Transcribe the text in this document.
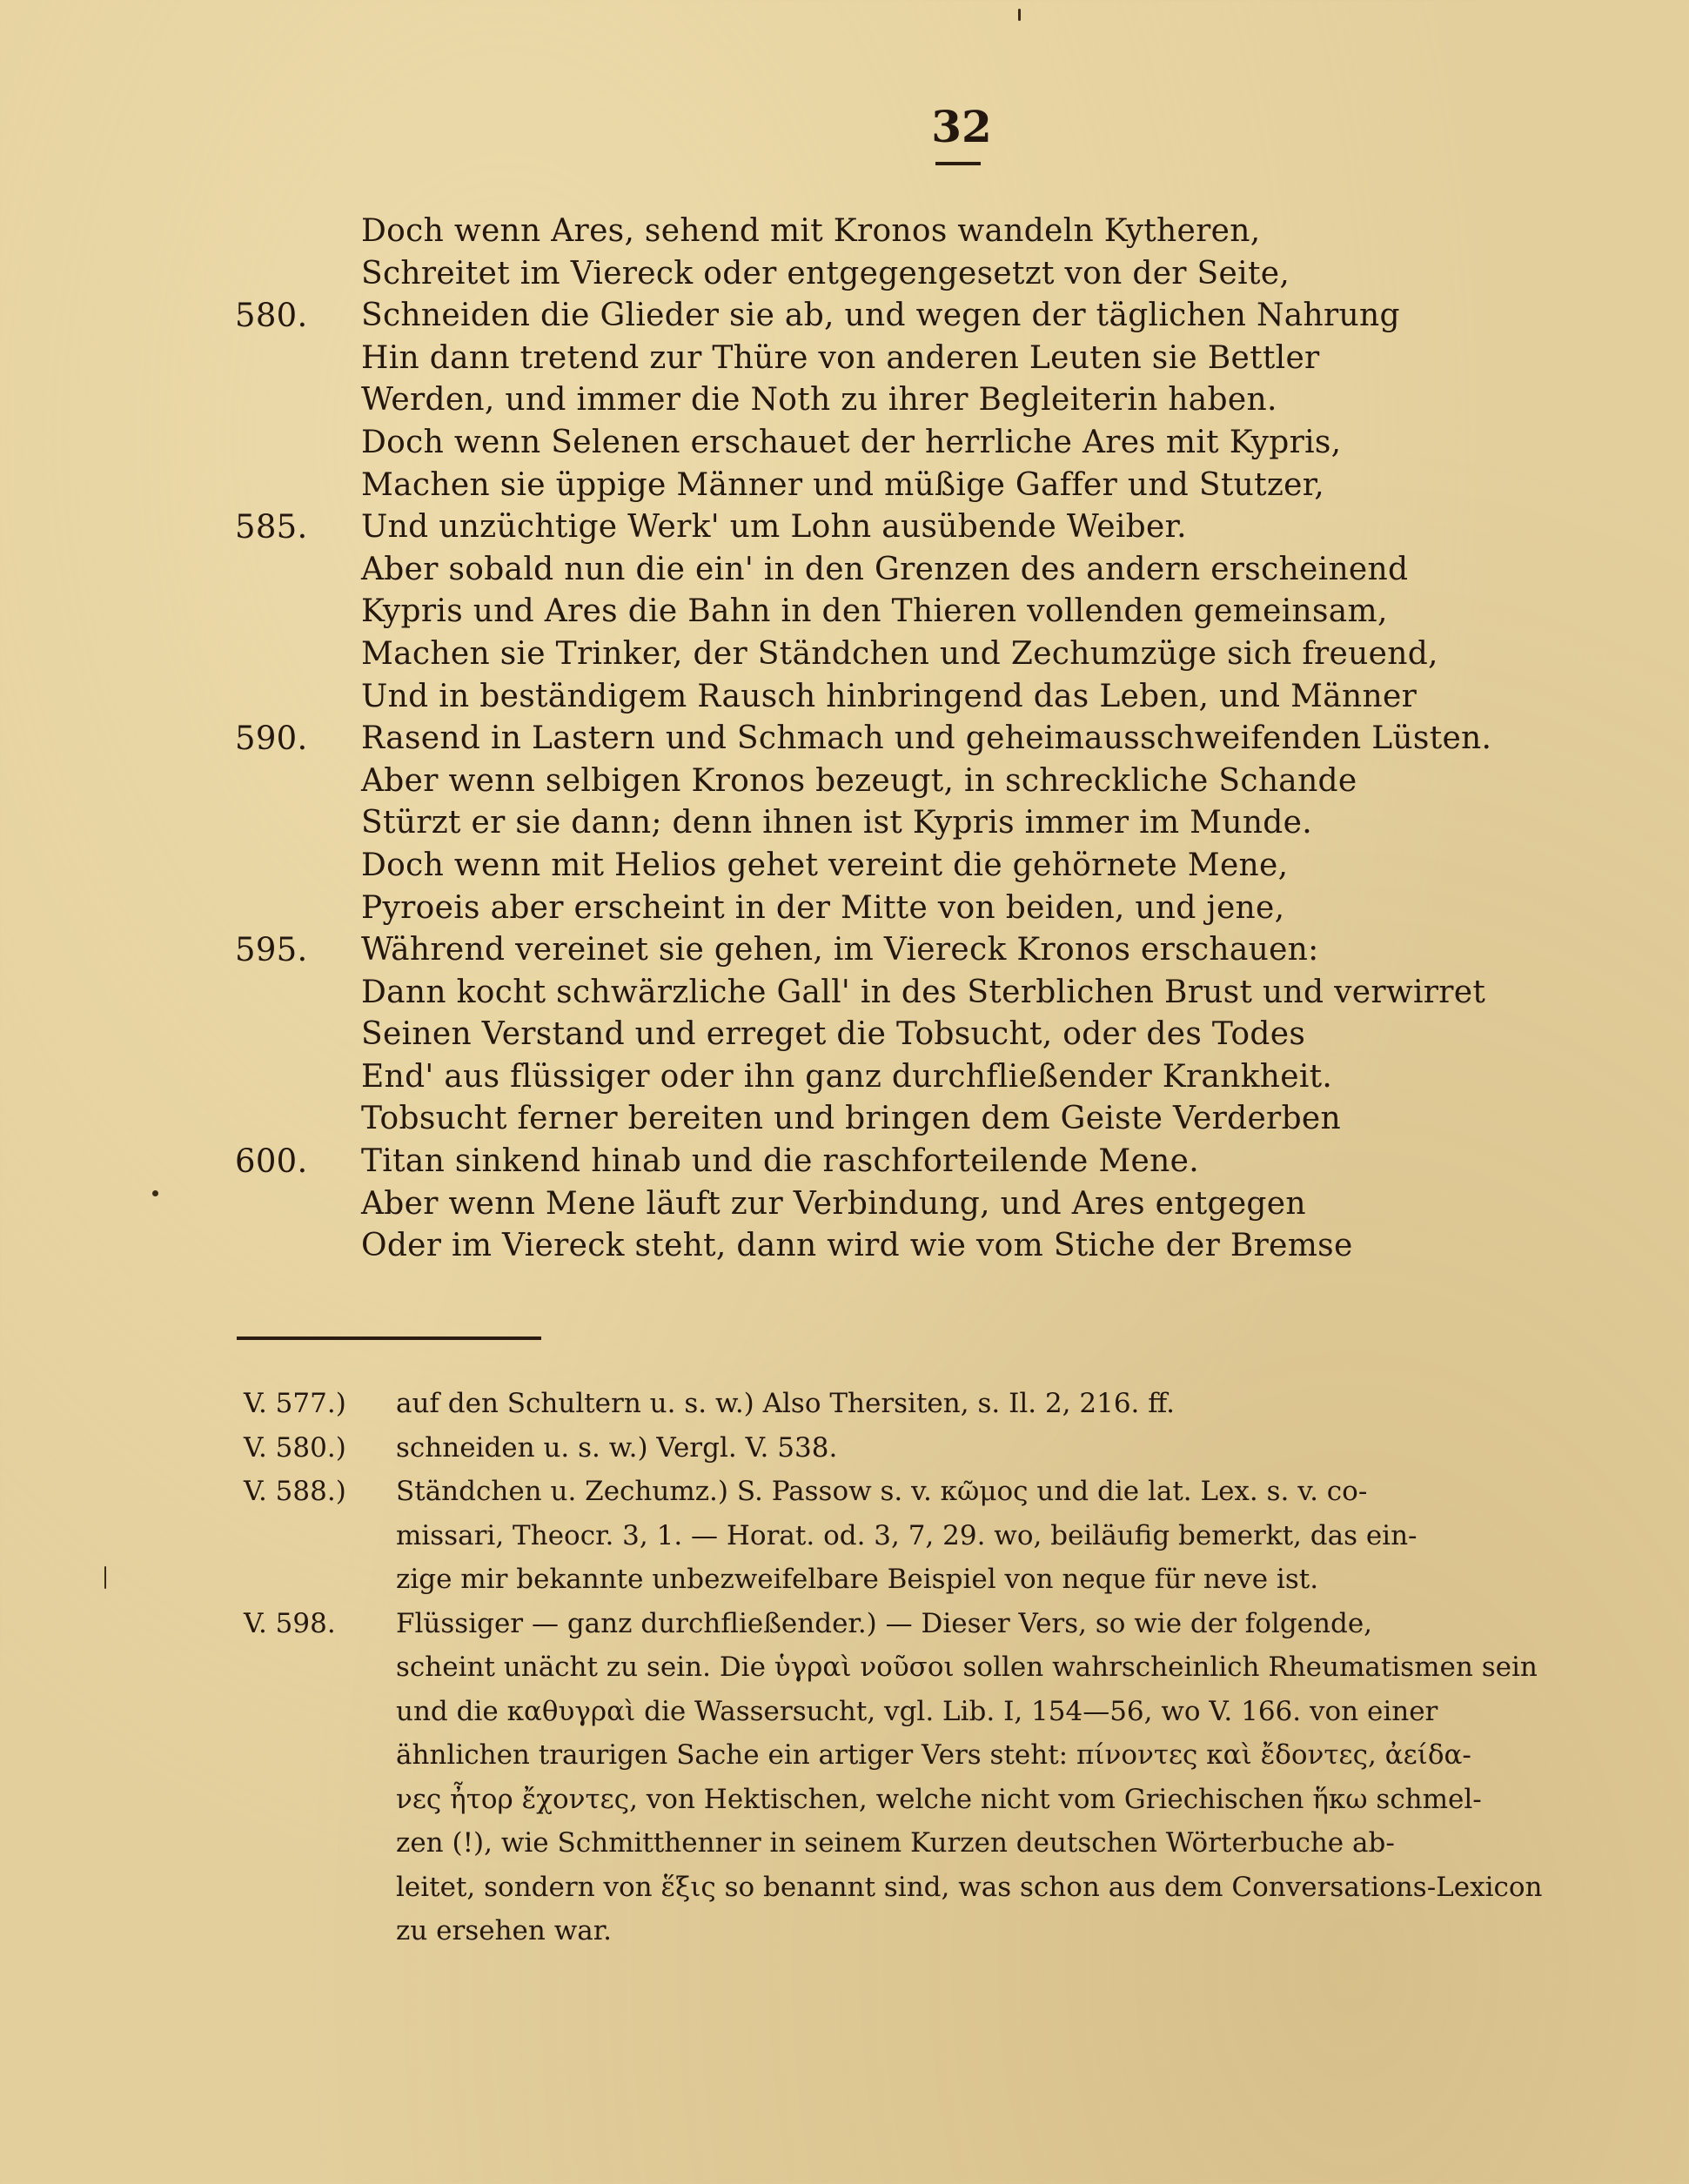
32
Doch wenn Ares, sehend mit Kronos wandeln Kytheren,
Schreitet im Viereck oder entgegengesetzt von der Seite,
580.	Schneiden die Glieder sie ab, und wegen der täglichen Nahrung
Hin dann tretend zur Thüre von anderen Leuten sie Bettler
Werden, und immer die Noth zu ihrer Begleiterin haben.
Doch wenn Selenen erschauet der herrliche Ares mit Kypris,
Machen sie üppige Männer und müßige Gaffer und Stutzer,
585.	Und unzüchtige Werk' um Lohn ausübende Weiber.
Aber sobald nun die ein' in den Grenzen des andern erscheinend
Kypris und Ares die Bahn in den Thieren vollenden gemeinsam,
Machen sie Trinker, der Ständchen und Zechumzüge sich freuend,
Und in beständigem Rausch hinbringend das Leben, und Männer
590.	Rasend in Lastern und Schmach und geheimausschweifenden Lüsten.
Aber wenn selbigen Kronos bezeugt, in schreckliche Schande
Stürzt er sie dann; denn ihnen ist Kypris immer im Munde.
Doch wenn mit Helios gehet vereint die gehörnete Mene,
Pyroeis aber erscheint in der Mitte von beiden, und jene,
595.	Während vereinet sie gehen, im Viereck Kronos erschauen:
Dann kocht schwärzliche Gall' in des Sterblichen Brust und verwirret
Seinen Verstand und erreget die Tobsucht, oder des Todes
End' aus flüssiger oder ihn ganz durchfließender Krankheit.
Tobsucht ferner bereiten und bringen dem Geiste Verderben
600.	Titan sinkend hinab und die raschforteilende Mene.
Aber wenn Mene läuft zur Verbindung, und Ares entgegen
Oder im Viereck steht, dann wird wie vom Stiche der Bremse
V. 577.) auf den Schultern u. s. w.) Also Thersiten, s. Il. 2, 216. ff.
V. 580.) schneiden u. s. w.) Vergl. V. 538.
V. 588.) Ständchen u. Zechumz.) S. Passow s. v. κῶμος und die lat. Lex. s. v. co-
missari, Theocr. 3, 1. — Horat. od. 3, 7, 29. wo, beiläufig bemerkt, das ein-
zige mir bekannte unbezweifelbare Beispiel von neque für neve ist.
V. 598. Flüssiger — ganz durchfließender.) — Dieser Vers, so wie der folgende,
scheint unächt zu sein. Die ὑγραὶ νοῦσοι sollen wahrscheinlich Rheumatismen sein
und die καθυγραὶ die Wassersucht, vgl. Lib. I, 154—56, wo V. 166. von einer
ähnlichen traurigen Sache ein artiger Vers steht: πίνοντες καὶ ἔδοντες, ἀείδα-
νες ἦτορ ἔχοντες, von Hektischen, welche nicht vom Griechischen ἥκω schmel-
zen (!), wie Schmitthenner in seinem Kurzen deutschen Wörterbuche ab-
leitet, sondern von ἕξις so benannt sind, was schon aus dem Conversations-Lexicon
zu ersehen war.
